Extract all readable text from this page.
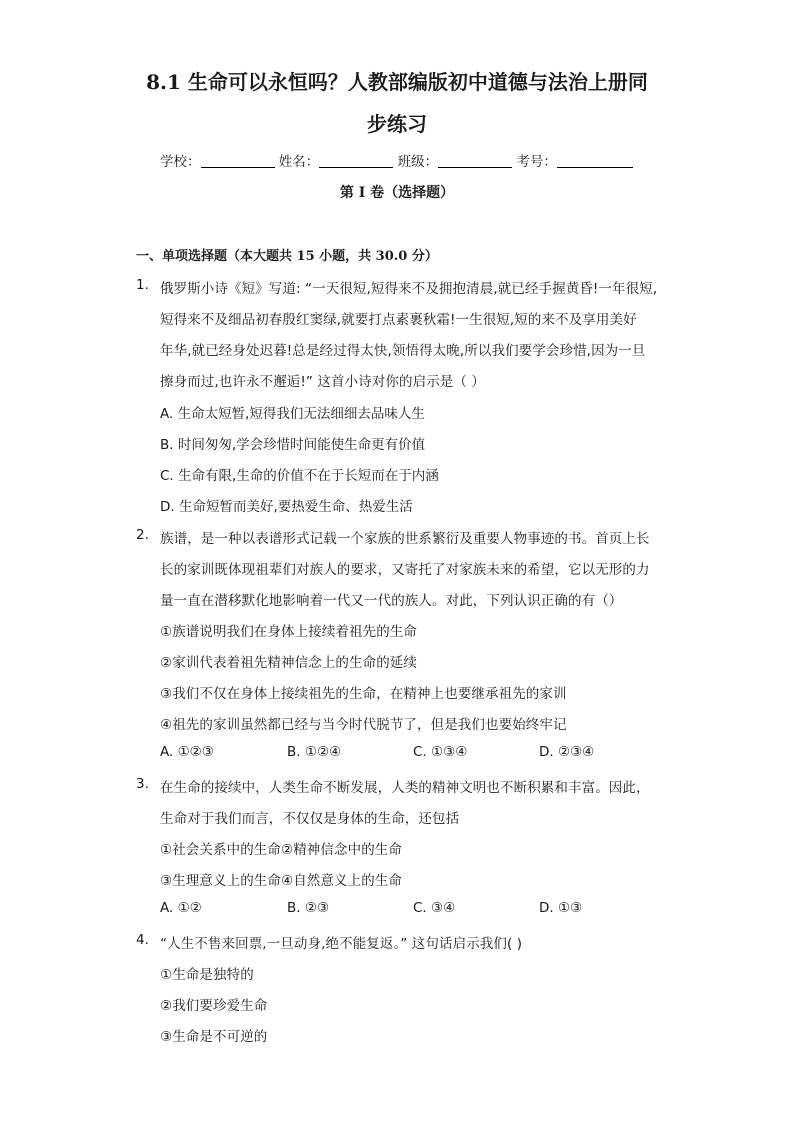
8.1 生命可以永恒吗？人教部编版初中道德与法治上册同
步练习
学校：	姓名：	班级：	考号：
第 I 卷（选择题）
一、单项选择题（本大题共 15 小题，共 30.0 分）
1. 俄罗斯小诗《短》写道: “一天很短,短得来不及拥抱清晨,就已经手握黄昏!一年很短,
短得来不及细品初春殷红窦绿,就要打点素裹秋霜!一生很短,短的来不及享用美好
年华,就已经身处迟暮!总是经过得太快,领悟得太晚,所以我们要学会珍惜,因为一旦
擦身而过,也许永不邂逅!” 这首小诗对你的启示是（ ）
A. 生命太短暂,短得我们无法细细去品味人生
B. 时间匆匆,学会珍惜时间能使生命更有价值
C. 生命有限,生命的价值不在于长短而在于内涵
D. 生命短暂而美好,要热爱生命、热爱生活
2. 族谱，是一种以表谱形式记载一个家族的世系繁衍及重要人物事迹的书。首页上长
长的家训既体现祖辈们对族人的要求，又寄托了对家族未来的希望，它以无形的力
量一直在潜移默化地影响着一代又一代的族人。对此，下列认识正确的有（）
①族谱说明我们在身体上接续着祖先的生命
②家训代表着祖先精神信念上的生命的延续
③我们不仅在身体上接续祖先的生命，在精神上也要继承祖先的家训
④祖先的家训虽然都已经与当今时代脱节了，但是我们也要始终牢记
A. ①②③	B. ①②④	C. ①③④	D. ②③④
3. 在生命的接续中，人类生命不断发展，人类的精神文明也不断积累和丰富。因此，
生命对于我们而言，不仅仅是身体的生命，还包括
①社会关系中的生命②精神信念中的生命
③生理意义上的生命④自然意义上的生命
A. ①②	B. ②③	C. ③④	D. ①③
4. “人生不售来回票,一旦动身,绝不能复返。” 这句话启示我们( )
①生命是独特的
②我们要珍爱生命
③生命是不可逆的
